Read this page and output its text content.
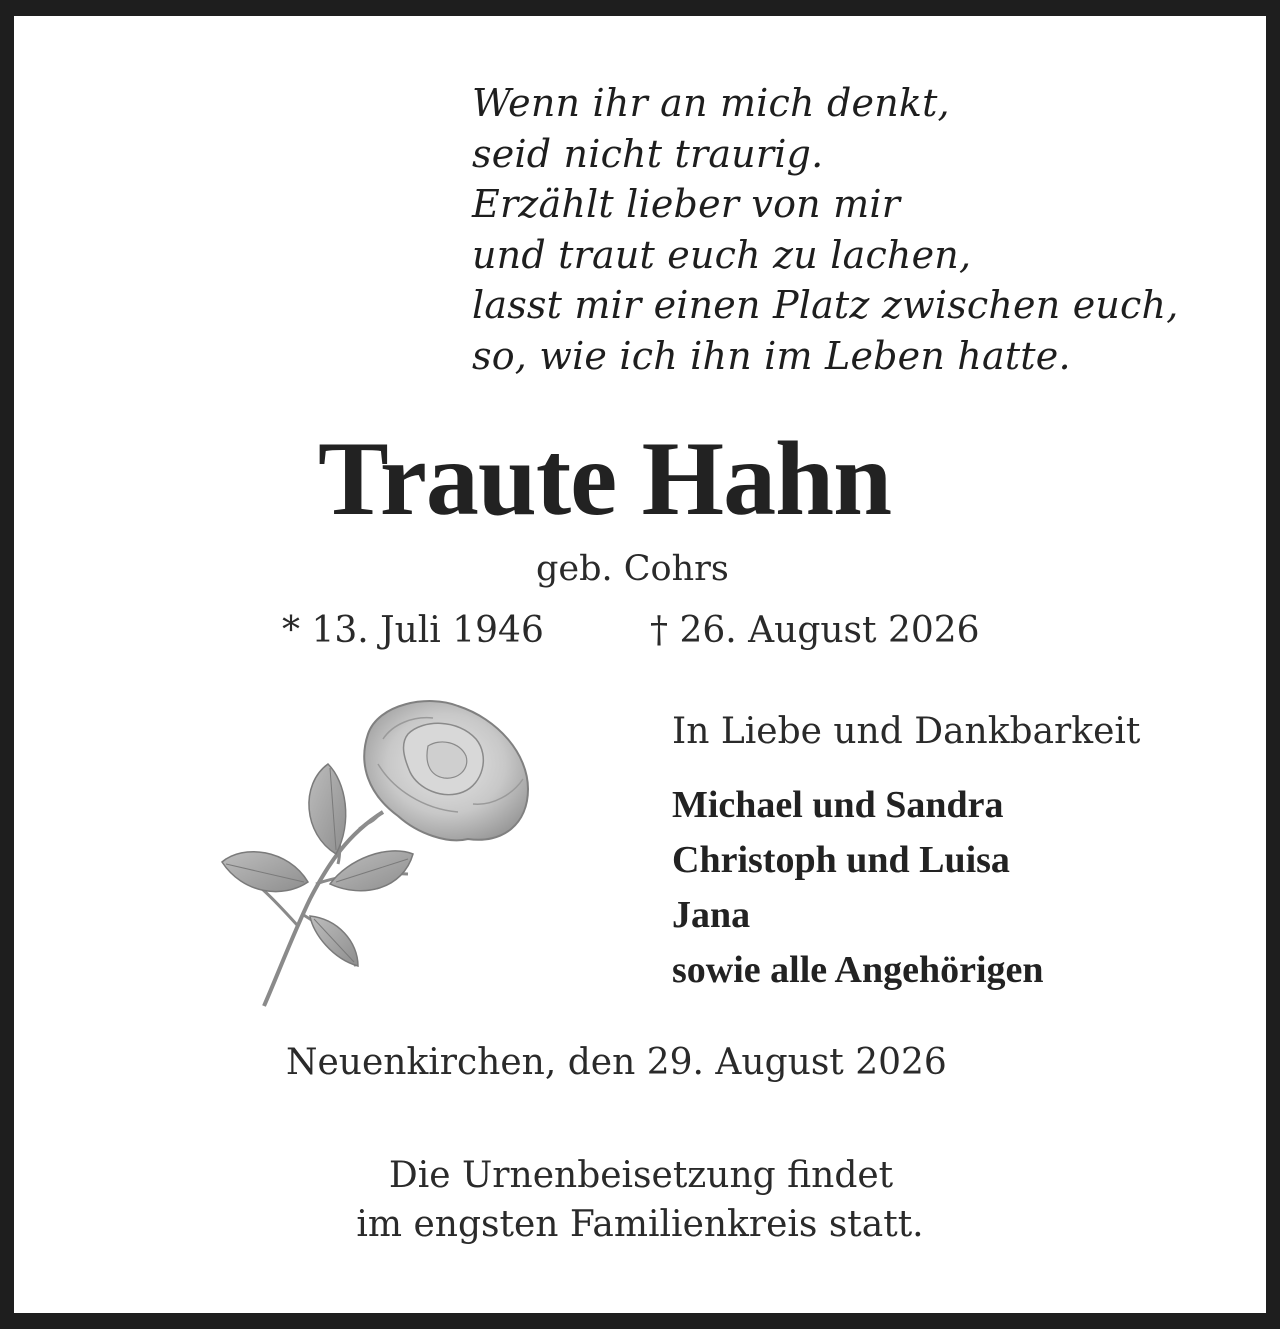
Wenn ihr an mich denkt,
seid nicht traurig.
Erzählt lieber von mir
und traut euch zu lachen,
lasst mir einen Platz zwischen euch,
so, wie ich ihn im Leben hatte.
Traute Hahn
geb. Cohrs
* 13. Juli 1946	† 26. August 2026
In Liebe und Dankbarkeit
Michael und Sandra
Christoph und Luisa
Jana
sowie alle Angehörigen
Neuenkirchen, den 29. August 2026
Die Urnenbeisetzung findet
im engsten Familienkreis statt.
